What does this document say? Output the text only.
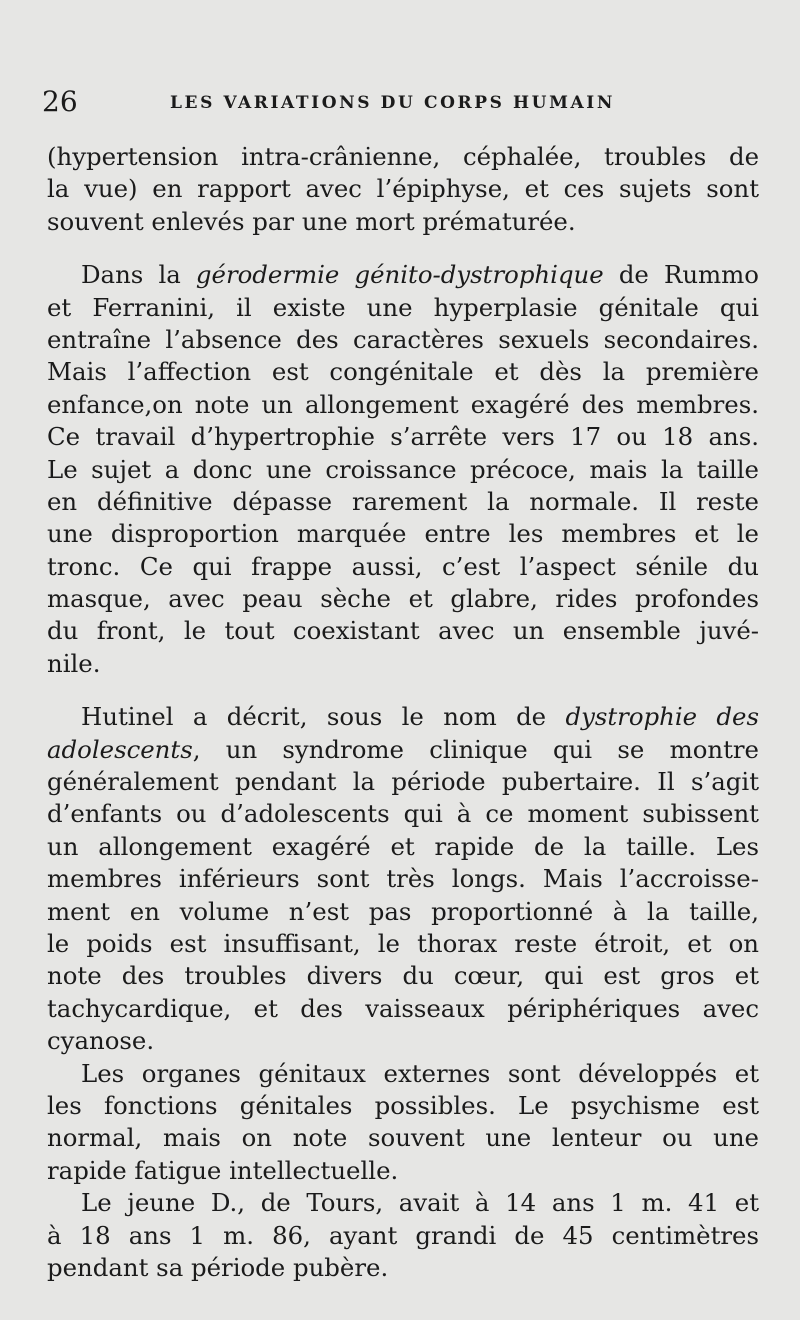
26	LES VARIATIONS DU CORPS HUMAIN
(hypertension intra-crânienne, céphalée, troubles de
la vue) en rapport avec l’épiphyse, et ces sujets sont
souvent enlevés par une mort prématurée.
Dans la gérodermie génito-dystrophique de Rummo
et Ferranini, il existe une hyperplasie génitale qui
entraîne l’absence des caractères sexuels secondaires.
Mais l’affection est congénitale et dès la première
enfance,on note un allongement exagéré des membres.
Ce travail d’hypertrophie s’arrête vers 17 ou 18 ans.
Le sujet a donc une croissance précoce, mais la taille
en définitive dépasse rarement la normale. Il reste
une disproportion marquée entre les membres et le
tronc. Ce qui frappe aussi, c’est l’aspect sénile du
masque, avec peau sèche et glabre, rides profondes
du front, le tout coexistant avec un ensemble juvé-
nile.
Hutinel a décrit, sous le nom de dystrophie des
adolescents, un syndrome clinique qui se montre
généralement pendant la période pubertaire. Il s’agit
d’enfants ou d’adolescents qui à ce moment subissent
un allongement exagéré et rapide de la taille. Les
membres inférieurs sont très longs. Mais l’accroisse-
ment en volume n’est pas proportionné à la taille,
le poids est insuffisant, le thorax reste étroit, et on
note des troubles divers du cœur, qui est gros et
tachycardique, et des vaisseaux périphériques avec
cyanose.
Les organes génitaux externes sont développés et
les fonctions génitales possibles. Le psychisme est
normal, mais on note souvent une lenteur ou une
rapide fatigue intellectuelle.
Le jeune D., de Tours, avait à 14 ans 1 m. 41 et
à 18 ans 1 m. 86, ayant grandi de 45 centimètres
pendant sa période pubère.
